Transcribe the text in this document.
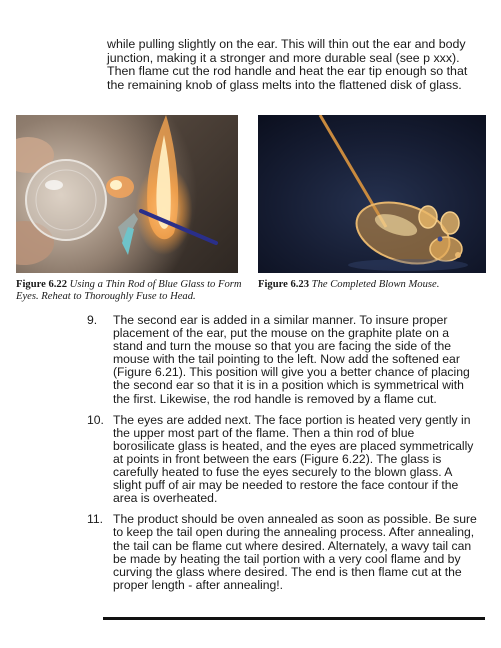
while pulling slightly on the ear. This will thin out the ear and body junction, making it a stronger and more durable seal (see p xxx). Then flame cut the rod handle and heat the ear tip enough so that the remaining knob of glass melts into the flattened disk of glass.

Figure 6.22 Using a Thin Rod of Blue Glass to Form Eyes. Reheat to Thoroughly Fuse to Head.
Figure 6.23 The Completed Blown Mouse.
9. The second ear is added in a similar manner. To insure proper placement of the ear, put the mouse on the graphite plate on a stand and turn the mouse so that you are facing the side of the mouse with the tail pointing to the left. Now add the softened ear (Figure 6.21). This position will give you a better chance of placing the second ear so that it is in a position which is symmetrical with the first. Likewise, the rod handle is removed by a flame cut.
10. The eyes are added next. The face portion is heated very gently in the upper most part of the flame. Then a thin rod of blue borosilicate glass is heated, and the eyes are placed symmetrically at points in front between the ears (Figure 6.22). The glass is carefully heated to fuse the eyes securely to the blown glass. A slight puff of air may be needed to restore the face contour if the area is overheated.
11. The product should be oven annealed as soon as possible. Be sure to keep the tail open during the annealing process. After annealing, the tail can be flame cut where desired. Alternately, a wavy tail can be made by heating the tail portion with a very cool flame and by curving the glass where desired. The end is then flame cut at the proper length - after annealing!.
